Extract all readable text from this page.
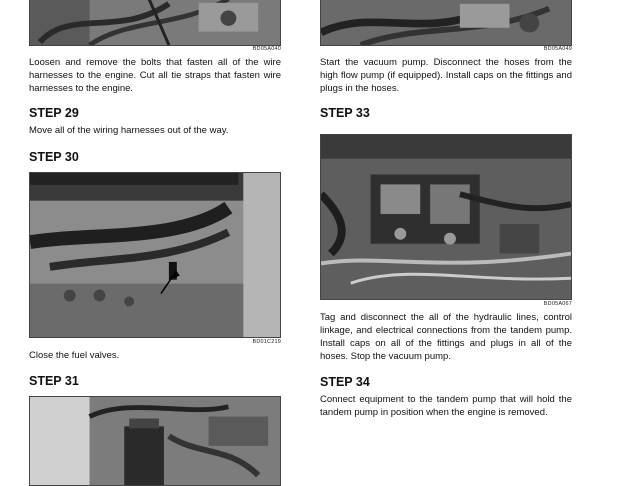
BD05A040

Loosen and remove the bolts that fasten all of the wire harnesses to the engine. Cut all tie straps that fasten wire harnesses to the engine.

STEP 29

Move all of the wiring harnesses out of the way.

STEP 30
BD01C219

Close the fuel valves.

STEP 31
BD05A049

Start the vacuum pump. Disconnect the hoses from the high flow pump (if equipped). Install caps on the fittings and plugs in the hoses.

STEP 33
BD05A067

Tag and disconnect the all of the hydraulic lines, control linkage, and electrical connections from the tandem pump. Install caps on all of the fittings and plugs in all of the hoses. Stop the vacuum pump.

STEP 34

Connect equipment to the tandem pump that will hold the tandem pump in position when the engine is removed.
